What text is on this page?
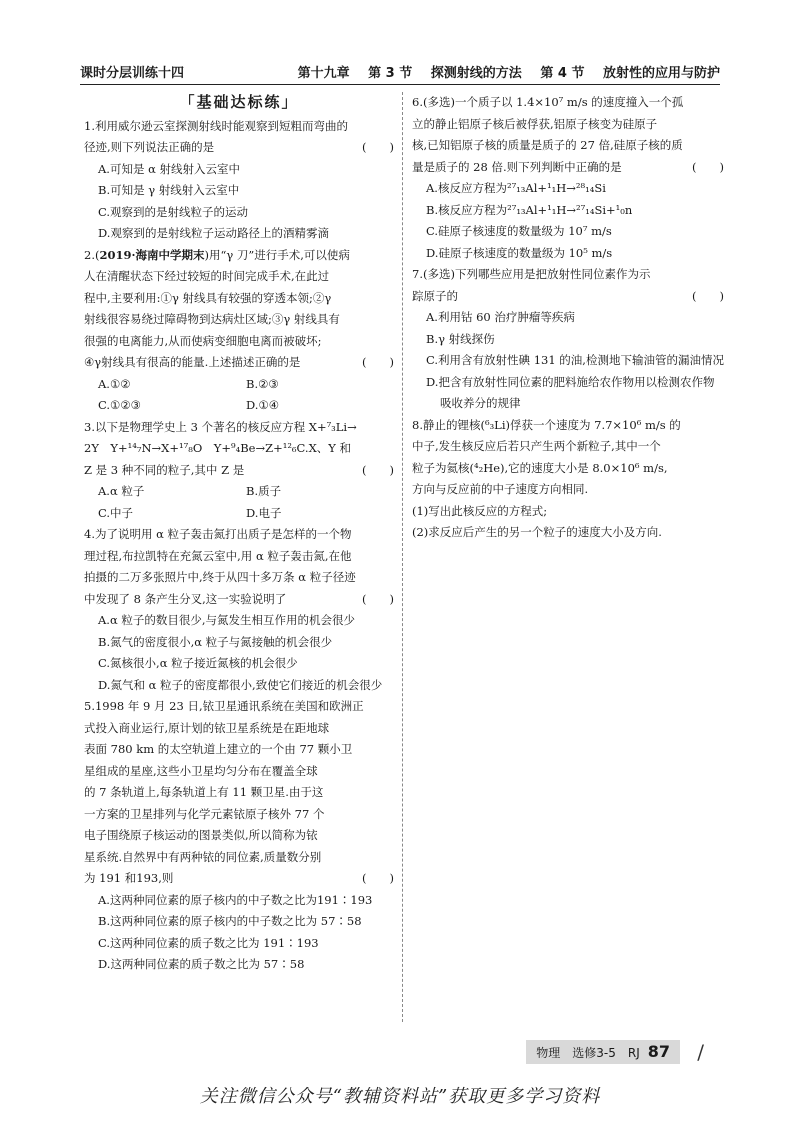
课时分层训练十四	第十九章 第 3 节 探测射线的方法 第 4 节 放射性的应用与防护
「基础达标练」

1.利用威尔逊云室探测射线时能观察到短粗而弯曲的

径迹,则下列说法正确的是	(　　)

A.可知是 α 射线射入云室中

B.可知是 γ 射线射入云室中

C.观察到的是射线粒子的运动

D.观察到的是射线粒子运动路径上的酒精雾滴

2.(2019·海南中学期末)用“γ 刀”进行手术,可以使病

人在清醒状态下经过较短的时间完成手术,在此过

程中,主要利用:①γ 射线具有较强的穿透本领;②γ

射线很容易绕过障碍物到达病灶区域;③γ 射线具有

很强的电离能力,从而使病变细胞电离而被破坏;

④γ射线具有很高的能量.上述描述正确的是	(　　)

A.①②	B.②③
C.①②③	D.①④

3.以下是物理学史上 3 个著名的核反应方程 X+⁷₃Li→

2Y　Y+¹⁴₇N→X+¹⁷₈O　Y+⁹₄Be→Z+¹²₆C.X、Y 和

Z 是 3 种不同的粒子,其中 Z 是	(　　)

A.α 粒子	B.质子
C.中子	D.电子

4.为了说明用 α 粒子轰击氮打出质子是怎样的一个物

理过程,布拉凯特在充氮云室中,用 α 粒子轰击氮,在他

拍摄的二万多张照片中,终于从四十多万条 α 粒子径迹

中发现了 8 条产生分叉,这一实验说明了	(　　)

A.α 粒子的数目很少,与氮发生相互作用的机会很少

B.氮气的密度很小,α 粒子与氮接触的机会很少

C.氮核很小,α 粒子接近氮核的机会很少

D.氮气和 α 粒子的密度都很小,致使它们接近的机会很少

5.1998 年 9 月 23 日,铱卫星通讯系统在美国和欧洲正

式投入商业运行,原计划的铱卫星系统是在距地球

表面 780 km 的太空轨道上建立的一个由 77 颗小卫

星组成的星座,这些小卫星均匀分布在覆盖全球

的 7 条轨道上,每条轨道上有 11 颗卫星.由于这

一方案的卫星排列与化学元素铱原子核外 77 个

电子围绕原子核运动的图景类似,所以简称为铱

星系统.自然界中有两种铱的同位素,质量数分别

为 191 和193,则	(　　)

A.这两种同位素的原子核内的中子数之比为191∶193

B.这两种同位素的原子核内的中子数之比为 57∶58

C.这两种同位素的质子数之比为 191∶193

D.这两种同位素的质子数之比为 57∶58

6.(多选)一个质子以 1.4×10⁷ m/s 的速度撞入一个孤

立的静止铝原子核后被俘获,铝原子核变为硅原子

核,已知铝原子核的质量是质子的 27 倍,硅原子核的质

量是质子的 28 倍.则下列判断中正确的是	(　　)

A.核反应方程为²⁷₁₃Al+¹₁H→²⁸₁₄Si

B.核反应方程为²⁷₁₃Al+¹₁H→²⁷₁₄Si+¹₀n

C.硅原子核速度的数量级为 10⁷ m/s

D.硅原子核速度的数量级为 10⁵ m/s

7.(多选)下列哪些应用是把放射性同位素作为示

踪原子的	(　　)

A.利用钴 60 治疗肿瘤等疾病

B.γ 射线探伤

C.利用含有放射性碘 131 的油,检测地下输油管的漏油情况

D.把含有放射性同位素的肥料施给农作物用以检测农作物吸收养分的规律

8.静止的锂核(⁶₃Li)俘获一个速度为 7.7×10⁶ m/s 的

中子,发生核反应后若只产生两个新粒子,其中一个

粒子为氦核(⁴₂He),它的速度大小是 8.0×10⁶ m/s,

方向与反应前的中子速度方向相同.

(1)写出此核反应的方程式;

(2)求反应后产生的另一个粒子的速度大小及方向.

物理　选修3-5　RJ 87	/
关注微信公众号“教辅资料站”获取更多学习资料
